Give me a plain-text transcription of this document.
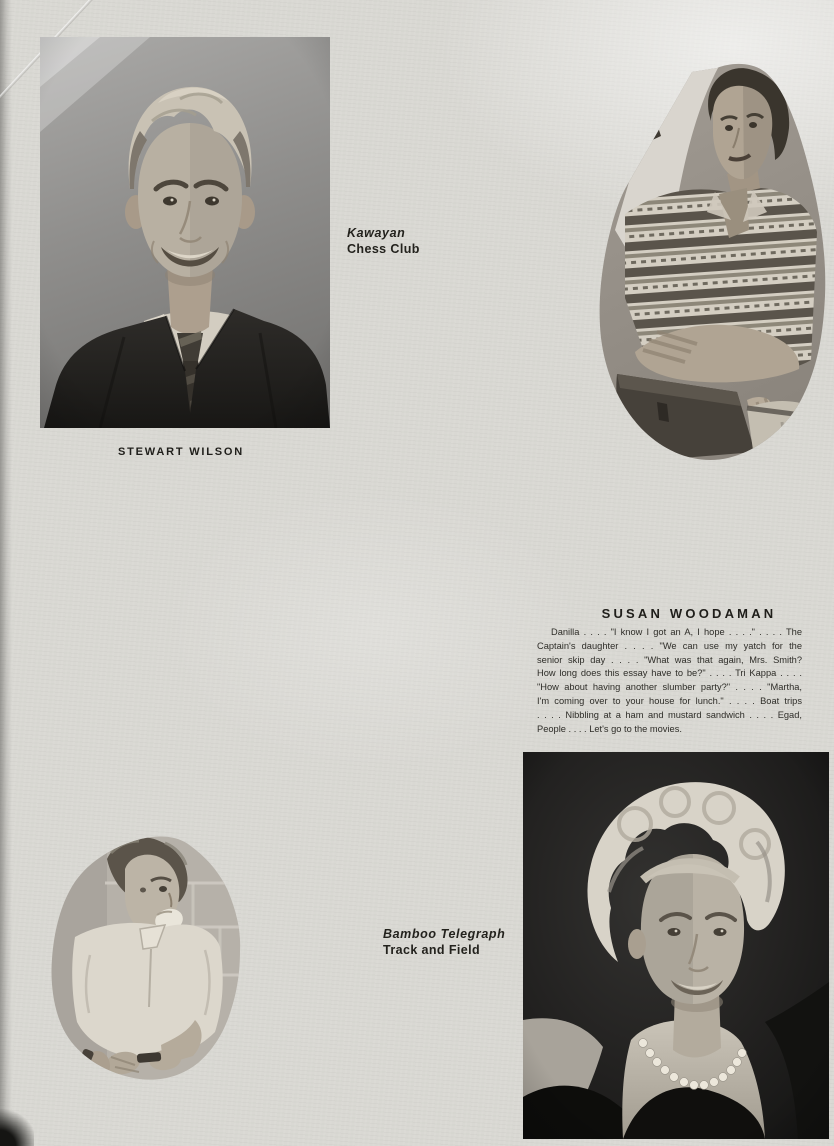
STEWART WILSON
Kawayan
Chess Club
SUSAN WOODAMAN
Danilla . . . . "I know I got an A, I hope . . . ." . . . . The
Captain's daughter . . . . "We can use my yatch for the
senior skip day . . . . "What was that again, Mrs. Smith?
How long does this essay have to be?" . . . . Tri Kappa . . . .
"How about having another slumber party?" . . . . "Martha,
I'm coming over to your house for lunch." . . . . Boat trips
. . . . Nibbling at a ham and mustard sandwich . . . . Egad,
People . . . . Let's go to the movies.
Bamboo Telegraph
Track and Field
